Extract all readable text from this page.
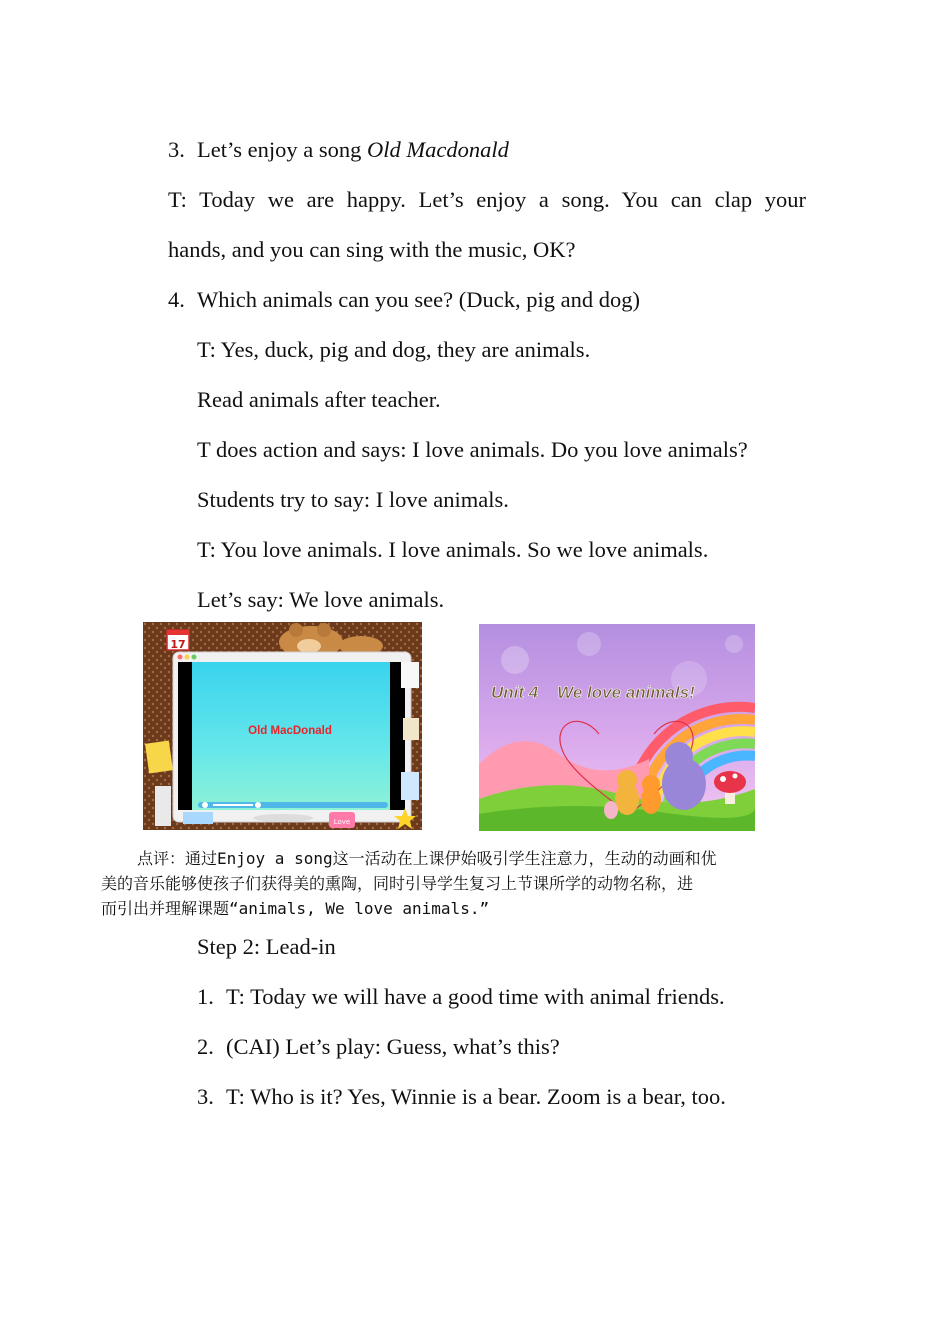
3. Let’s enjoy a song Old Macdonald
T: Today we are happy. Let’s enjoy a song. You can clap your
hands, and you can sing with the music, OK?
4. Which animals can you see? (Duck, pig and dog)
T: Yes, duck, pig and dog, they are animals.
Read animals after teacher.
T does action and says: I love animals. Do you love animals?
Students try to say: I love animals.
T: You love animals. I love animals. So we love animals.
Let’s say: We love animals.
17
Old MacDonald
Love
Unit 4    We love animals!

点评：通过Enjoy a song这一活动在上课伊始吸引学生注意力，生动的动画和优

美的音乐能够使孩子们获得美的熏陶，同时引导学生复习上节课所学的动物名称，进

而引出并理解课题“animals, We love animals.”

Step 2: Lead-in
1. T: Today we will have a good time with animal friends.
2. (CAI) Let’s play: Guess, what’s this?
3. T: Who is it? Yes, Winnie is a bear. Zoom is a bear, too.
